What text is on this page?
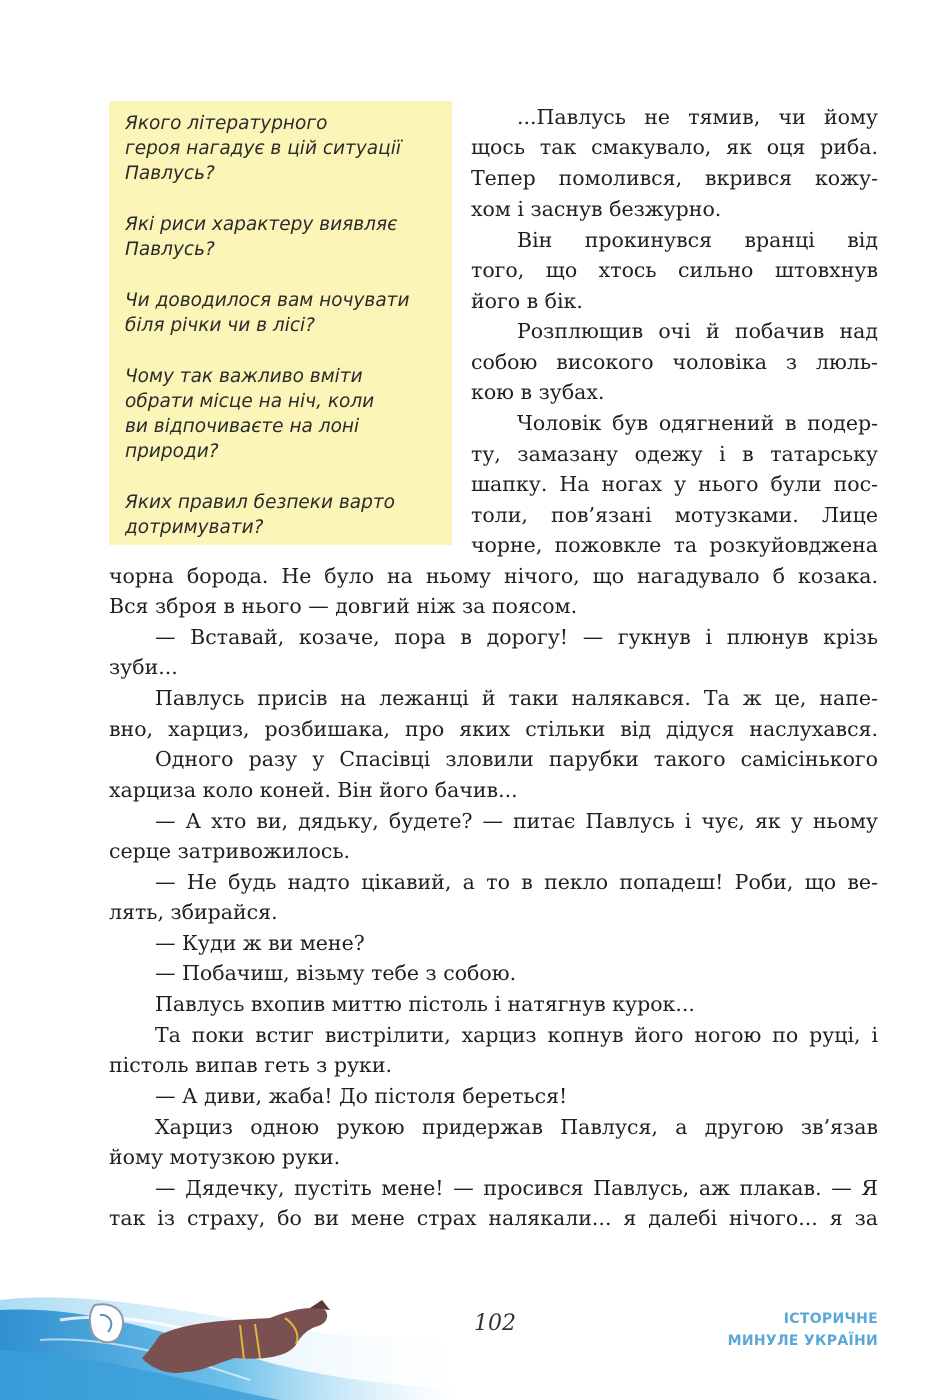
Якого літературного
героя нагадує в цій ситуації
Павлусь?

Які риси характеру виявляє
Павлусь?

Чи доводилося вам ночувати
біля річки чи в лісі?

Чому так важливо вміти
обрати місце на ніч, коли
ви відпочиваєте на лоні
природи?

Яких правил безпеки варто
дотримувати?

...Павлусь не тямив, чи йому
щось так смакувало, як оця риба.
Тепер помолився, вкрився кожу-
хом і заснув безжурно.
Він прокинувся вранці від
того, що хтось сильно штовхнув
його в бік.
Розплющив очі й побачив над
собою високого чоловіка з люль-
кою в зубах.
Чоловік був одягнений в подер-
ту, замазану одежу і в татарську
шапку. На ногах у нього були пос-
толи, пов’язані мотузками. Лице
чорне, пожовкле та розкуйовджена
чорна борода. Не було на ньому нічого, що нагадувало б козака.
Вся зброя в нього — довгий ніж за поясом.
— Вставай, козаче, пора в дорогу! — гукнув і плюнув крізь
зуби...
Павлусь присів на лежанці й таки налякався. Та ж це, напе-
вно, харциз, розбишака, про яких стільки від дідуся наслухався.
Одного разу у Спасівці зловили парубки такого самісінького
харциза коло коней. Він його бачив...
— А хто ви, дядьку, будете? — питає Павлусь і чує, як у ньому
серце затривожилось.
— Не будь надто цікавий, а то в пекло попадеш! Роби, що ве-
лять, збирайся.
— Куди ж ви мене?
— Побачиш, візьму тебе з собою.
Павлусь вхопив миттю пістоль і натягнув курок...
Та поки встиг вистрілити, харциз копнув його ногою по руці, і
пістоль випав геть з руки.
— А диви, жаба! До пістоля береться!
Харциз одною рукою придержав Павлуся, а другою зв’язав
йому мотузкою руки.
— Дядечку, пустіть мене! — просився Павлусь, аж плакав. — Я
так із страху, бо ви мене страх налякали... я далебі нічого... я за
102	ІСТОРИЧНЕ
МИНУЛЕ УКРАЇНИ
